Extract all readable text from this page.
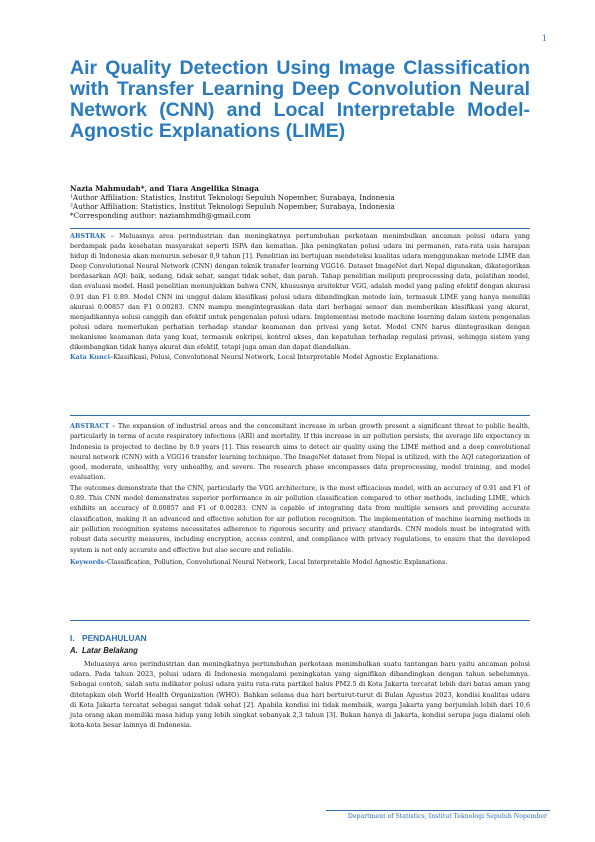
1
Air Quality Detection Using Image Classification with Transfer Learning Deep Convolution Neural Network (CNN) and Local Interpretable Model-Agnostic Explanations (LIME)
Nazia Mahmudah*, and Tiara Angellika Sinaga
¹Author Affiliation: Statistics, Institut Teknologi Sepuluh Nopember, Surabaya, Indonesia
²Author Affiliation: Statistics, Institut Teknologi Sepuluh Nopember, Surabaya, Indonesia
*Corresponding author: naziamhmdh@gmail.com

ABSTRAK – Meluasnya area perindustrian dan meningkatnya pertumbuhan perkotaan menimbulkan ancaman polusi udara yang berdampak pada kesehatan masyarakat seperti ISPA dan kematian. Jika peningkatan polusi udara ini permanen, rata-rata usia harapan hidup di Indonesia akan menurun sebesar 0,9 tahun [1]. Penelitian ini bertujuan mendeteksi kualitas udara menggunakan metode LIME dan Deep Convolutional Neural Network (CNN) dengan teknik transfer learning VGG16. Dataset ImageNet dari Nepal digunakan, dikategorikan berdasarkan AQI: baik, sedang, tidak sehat, sangat tidak sehat, dan parah. Tahap penelitian meliputi preprocessing data, pelatihan model, dan evaluasi model. Hasil penelitian menunjukkan bahwa CNN, khususnya arsitektur VGG, adalah model yang paling efektif dengan akurasi 0.91 dan F1 0.89. Model CNN ini unggul dalam klasifikasi polusi udara dibandingkan metode lain, termasuk LIME yang hanya memiliki akurasi 0.00857 dan F1 0.00283. CNN mampu mengintegrasikan data dari berbagai sensor dan memberikan klasifikasi yang akurat, menjadikannya solusi canggih dan efektif untuk pengenalan polusi udara. Implementasi metode machine learning dalam sistem pengenalan polusi udara memerlukan perhatian terhadap standar keamanan dan privasi yang ketat. Model CNN harus diintegrasikan dengan mekanisme keamanan data yang kuat, termasuk enkripsi, kontrol akses, dan kepatuhan terhadap regulasi privasi, sehingga sistem yang dikembangkan tidak hanya akurat dan efektif, tetapi juga aman dan dapat diandalkan.

Kata Kunci–Klasifikasi, Polusi, Convolutional Neural Network, Local Interpretable Model Agnostic Explanations.

ABSTRACT – The expansion of industrial areas and the concomitant increase in urban growth present a significant threat to public health, particularly in terms of acute respiratory infections (ARI) and mortality. If this increase in air pollution persists, the average life expectancy in Indonesia is projected to decline by 0.9 years [1]. This research aims to detect air quality using the LIME method and a deep convolutional neural network (CNN) with a VGG16 transfer learning technique. The ImageNet dataset from Nepal is utilized, with the AQI categorization of good, moderate, unhealthy, very unhealthy, and severe. The research phase encompasses data preprocessing, model training, and model evaluation.

The outcomes demonstrate that the CNN, particularly the VGG architecture, is the most efficacious model, with an accuracy of 0.91 and F1 of 0.89. This CNN model demonstrates superior performance in air pollution classification compared to other methods, including LIME, which exhibits an accuracy of 0.00857 and F1 of 0.00283. CNN is capable of integrating data from multiple sensors and providing accurate classification, making it an advanced and effective solution for air pollution recognition. The implementation of machine learning methods in air pollution recognition systems necessitates adherence to rigorous security and privacy standards. CNN models must be integrated with robust data security measures, including encryption, access control, and compliance with privacy regulations, to ensure that the developed system is not only accurate and effective but also secure and reliable.

Keywords–Classification, Pollution, Convolutional Neural Network, Local Interpretable Model Agnostic Explanations.

I. PENDAHULUAN
A. Latar Belakang
Meluasnya area perindustrian dan meningkatnya pertumbuhan perkotaan menimbulkan suatu tantangan baru yaitu ancaman polusi udara. Pada tahun 2023, polusi udara di Indonesia mengalami peningkatan yang signifikan dibandingkan dengan tahun sebelumnya. Sebagai contoh, salah satu indikator polusi udara yaitu rata-rata partikel halus PM2.5 di Kota Jakarta tercatat lebih dari batas aman yang ditetapkan oleh World Health Organization (WHO). Bahkan selama dua hari berturut-turut di Bulan Agustus 2023, kondisi kualitas udara di Kota Jakarta tercatat sebagai sangat tidak sehat [2]. Apabila kondisi ini tidak membaik, warga Jakarta yang berjumlah lebih dari 10,6 juta orang akan memiliki masa hidup yang lebih singkat sebanyak 2,3 tahun [3]. Bukan hanya di Jakarta, kondisi serupa juga dialami oleh kota-kota besar lainnya di Indonesia.
Department of Statistics, Institut Teknologi Sepuluh Nopember
